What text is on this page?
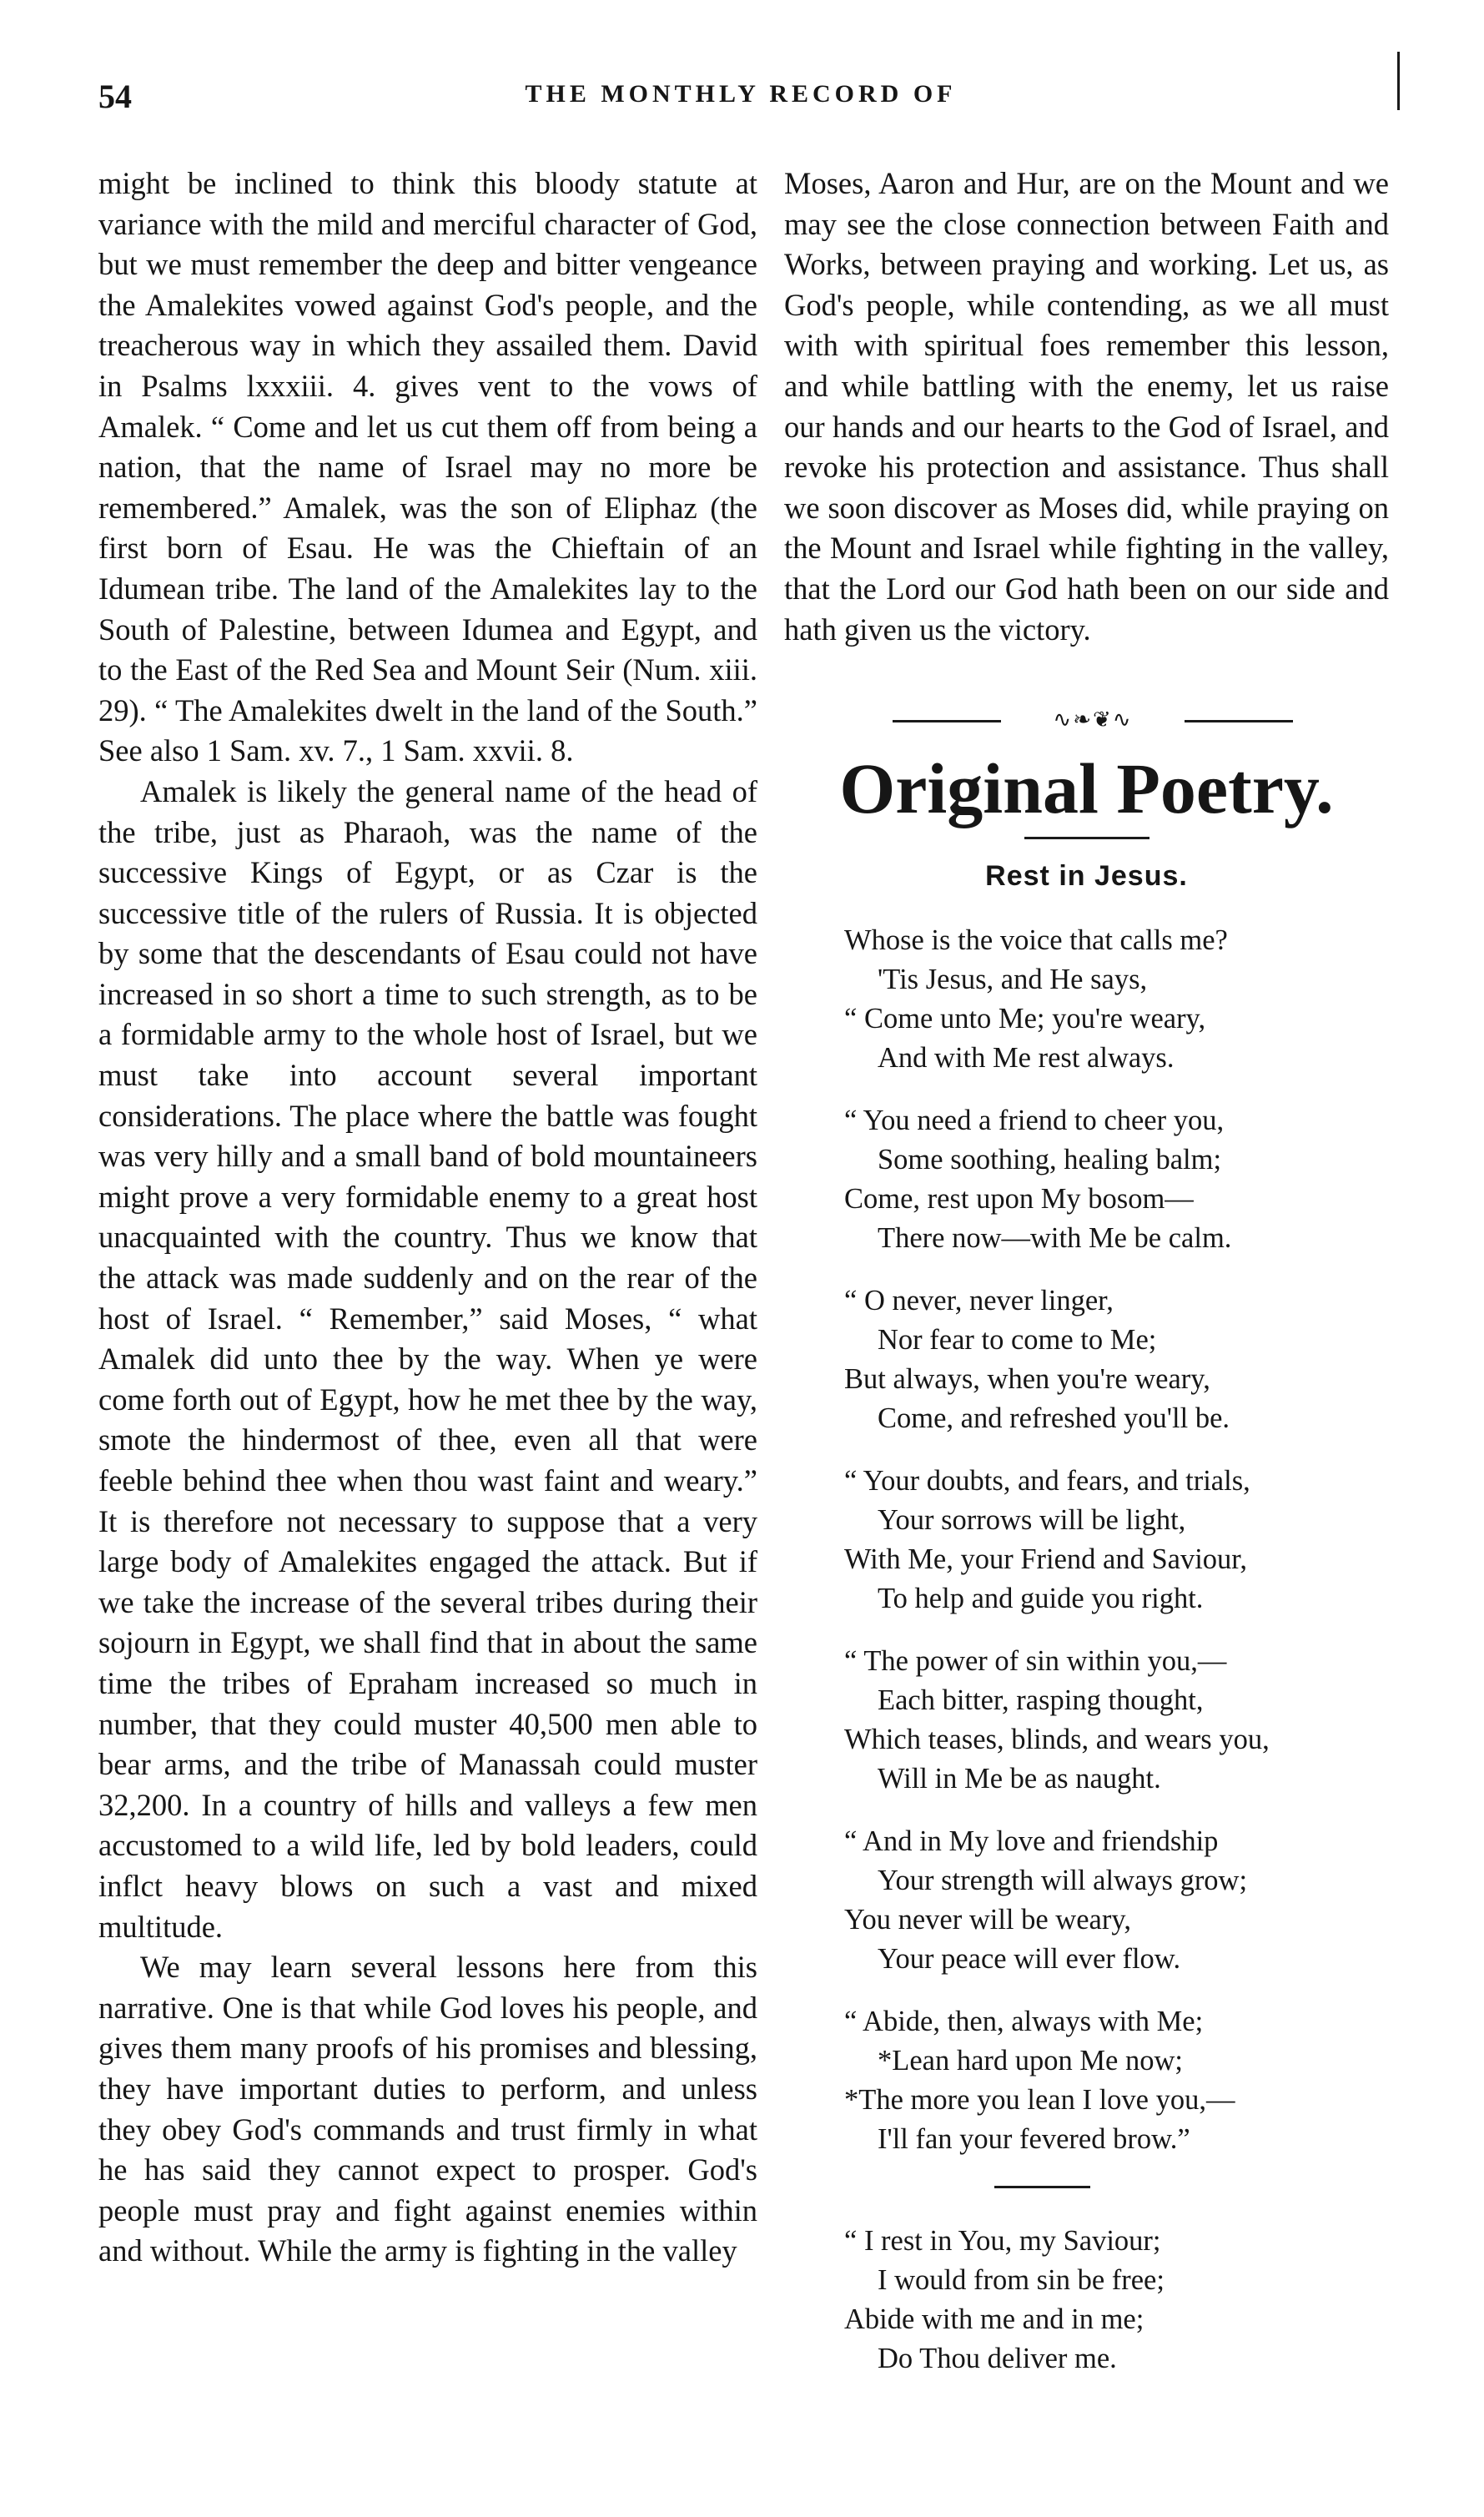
54	THE MONTHLY RECORD OF

might be inclined to think this bloody statute at variance with the mild and merciful character of God, but we must remember the deep and bitter vengeance the Amalekites vowed against God's people, and the treacherous way in which they assailed them. David in Psalms lxxxiii. 4. gives vent to the vows of Amalek. “ Come and let us cut them off from being a nation, that the name of Israel may no more be remembered.” Amalek, was the son of Eliphaz (the first born of Esau. He was the Chieftain of an Idumean tribe. The land of the Amalekites lay to the South of Palestine, between Idumea and Egypt, and to the East of the Red Sea and Mount Seir (Num. xiii. 29). “ The Amalekites dwelt in the land of the South.” See also 1 Sam. xv. 7., 1 Sam. xxvii. 8.

Amalek is likely the general name of the head of the tribe, just as Pharaoh, was the name of the successive Kings of Egypt, or as Czar is the successive title of the rulers of Russia. It is objected by some that the descendants of Esau could not have increased in so short a time to such strength, as to be a formidable army to the whole host of Israel, but we must take into account several important considerations. The place where the battle was fought was very hilly and a small band of bold mountaineers might prove a very formidable enemy to a great host unacquainted with the country. Thus we know that the attack was made suddenly and on the rear of the host of Israel. “ Remember,” said Moses, “ what Amalek did unto thee by the way. When ye were come forth out of Egypt, how he met thee by the way, smote the hindermost of thee, even all that were feeble behind thee when thou wast faint and weary.” It is therefore not necessary to suppose that a very large body of Amalekites engaged the attack. But if we take the increase of the several tribes during their sojourn in Egypt, we shall find that in about the same time the tribes of Epraham increased so much in number, that they could muster 40,500 men able to bear arms, and the tribe of Manassah could muster 32,200. In a country of hills and valleys a few men accustomed to a wild life, led by bold leaders, could inflct heavy blows on such a vast and mixed multitude.

We may learn several lessons here from this narrative. One is that while God loves his people, and gives them many proofs of his promises and blessing, they have important duties to perform, and unless they obey God's commands and trust firmly in what he has said they cannot expect to prosper. God's people must pray and fight against enemies within and without. While the army is fighting in the valley

Moses, Aaron and Hur, are on the Mount and we may see the close connection between Faith and Works, between praying and working. Let us, as God's people, while contending, as we all must with with spiritual foes remember this lesson, and while battling with the enemy, let us raise our hands and our hearts to the God of Israel, and revoke his protection and assistance. Thus shall we soon discover as Moses did, while praying on the Mount and Israel while fighting in the valley, that the Lord our God hath been on our side and hath given us the victory.

∿❧❦∿
Original Poetry.
Rest in Jesus.
Whose is the voice that calls me?
'Tis Jesus, and He says,
“ Come unto Me; you're weary,
And with Me rest always.
“ You need a friend to cheer you,
Some soothing, healing balm;
Come, rest upon My bosom—
There now—with Me be calm.
“ O never, never linger,
Nor fear to come to Me;
But always, when you're weary,
Come, and refreshed you'll be.
“ Your doubts, and fears, and trials,
Your sorrows will be light,
With Me, your Friend and Saviour,
To help and guide you right.
“ The power of sin within you,—
Each bitter, rasping thought,
Which teases, blinds, and wears you,
Will in Me be as naught.
“ And in My love and friendship
Your strength will always grow;
You never will be weary,
Your peace will ever flow.
“ Abide, then, always with Me;
*Lean hard upon Me now;
*The more you lean I love you,—
I'll fan your fevered brow.”
“ I rest in You, my Saviour;
I would from sin be free;
Abide with me and in me;
Do Thou deliver me.
